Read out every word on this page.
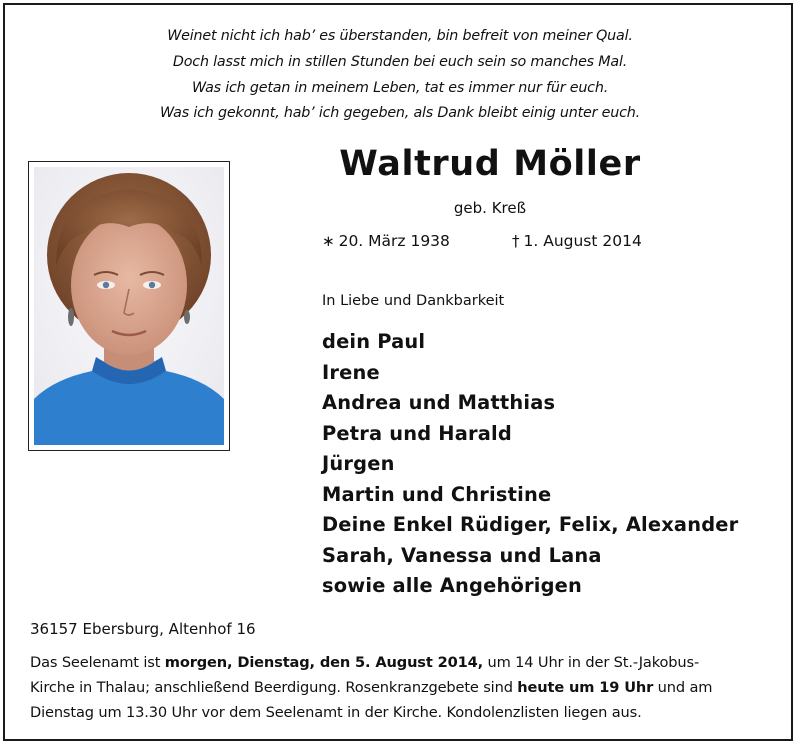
Weinet nicht ich hab’ es überstanden, bin befreit von meiner Qual.
Doch lasst mich in stillen Stunden bei euch sein so manches Mal.
Was ich getan in meinem Leben, tat es immer nur für euch.
Was ich gekonnt, hab’ ich gegeben, als Dank bleibt einig unter euch.
Waltrud Möller
geb. Kreß
∗ 20. März 1938	† 1. August 2014
In Liebe und Dankbarkeit
dein Paul
Irene
Andrea und Matthias
Petra und Harald
Jürgen
Martin und Christine
Deine Enkel Rüdiger, Felix, Alexander
Sarah, Vanessa und Lana
sowie alle Angehörigen
36157 Ebersburg, Altenhof 16
Das Seelenamt ist morgen, Dienstag, den 5. August 2014, um 14 Uhr in der St.-Jakobus-
Kirche in Thalau; anschließend Beerdigung. Rosenkranzgebete sind heute um 19 Uhr und am
Dienstag um 13.30 Uhr vor dem Seelenamt in der Kirche. Kondolenzlisten liegen aus.
